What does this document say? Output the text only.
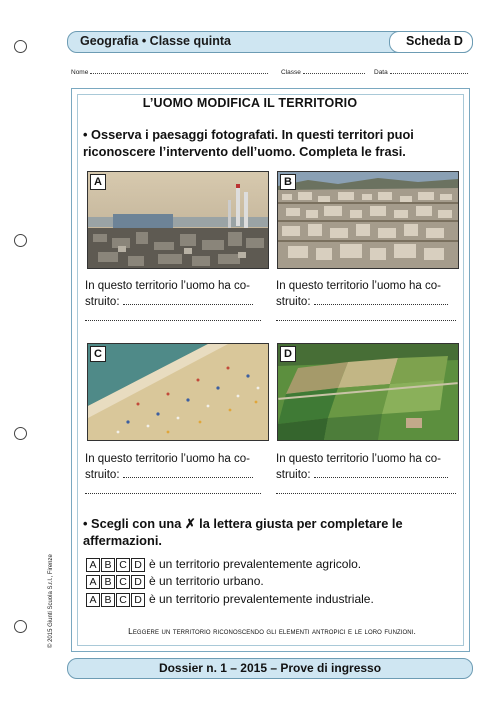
Geografia • Classe quinta	Scheda D
Nome	Classe	Data
L’UOMO MODIFICA IL TERRITORIO
• Osserva i paesaggi fotografati. In questi territori puoi
riconoscere l’intervento dell’uomo. Completa le frasi.
A	B
In questo territorio l’uomo ha co-
struito:
In questo territorio l’uomo ha co-
struito:
C	D
In questo territorio l’uomo ha co-
struito:
In questo territorio l’uomo ha co-
struito:
• Scegli con una ✗ la lettera giusta per completare le
affermazioni.
A B C D è un territorio prevalentemente agricolo.
A B C D è un territorio urbano.
A B C D è un territorio prevalentemente industriale.
Leggere un territorio riconoscendo gli elementi antropici e le loro funzioni.
Dossier n. 1 – 2015 – Prove di ingresso
© 2015 Giunti Scuola S.r.l., Firenze
